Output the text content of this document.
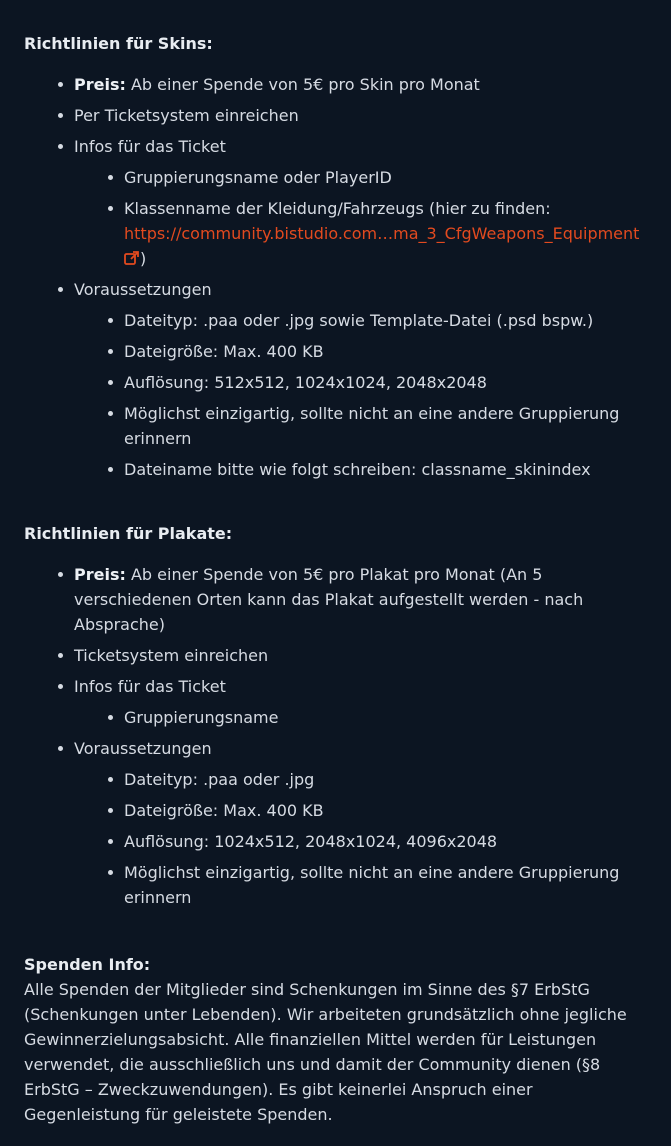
Richtlinien für Skins:
Preis: Ab einer Spende von 5€ pro Skin pro Monat
Per Ticketsystem einreichen
Infos für das Ticket
Gruppierungsname oder PlayerID
Klassenname der Kleidung/Fahrzeugs (hier zu finden: https://community.bistudio.com…ma_3_CfgWeapons_Equipment)
Voraussetzungen
Dateityp: .paa oder .jpg sowie Template-Datei (.psd bspw.)
Dateigröße: Max. 400 KB
Auflösung: 512x512, 1024x1024, 2048x2048
Möglichst einzigartig, sollte nicht an eine andere Gruppierung erinnern
Dateiname bitte wie folgt schreiben: classname_skinindex
Richtlinien für Plakate:
Preis: Ab einer Spende von 5€ pro Plakat pro Monat (An 5 verschiedenen Orten kann das Plakat aufgestellt werden - nach Absprache)
Ticketsystem einreichen
Infos für das Ticket
Gruppierungsname
Voraussetzungen
Dateityp: .paa oder .jpg
Dateigröße: Max. 400 KB
Auflösung: 1024x512, 2048x1024, 4096x2048
Möglichst einzigartig, sollte nicht an eine andere Gruppierung erinnern
Spenden Info:
Alle Spenden der Mitglieder sind Schenkungen im Sinne des §7 ErbStG (Schenkungen unter Lebenden). Wir arbeiteten grundsätzlich ohne jegliche Gewinnerzielungsabsicht. Alle finanziellen Mittel werden für Leistungen verwendet, die ausschließlich uns und damit der Community dienen (§8 ErbStG – Zweckzuwendungen). Es gibt keinerlei Anspruch einer Gegenleistung für geleistete Spenden.
